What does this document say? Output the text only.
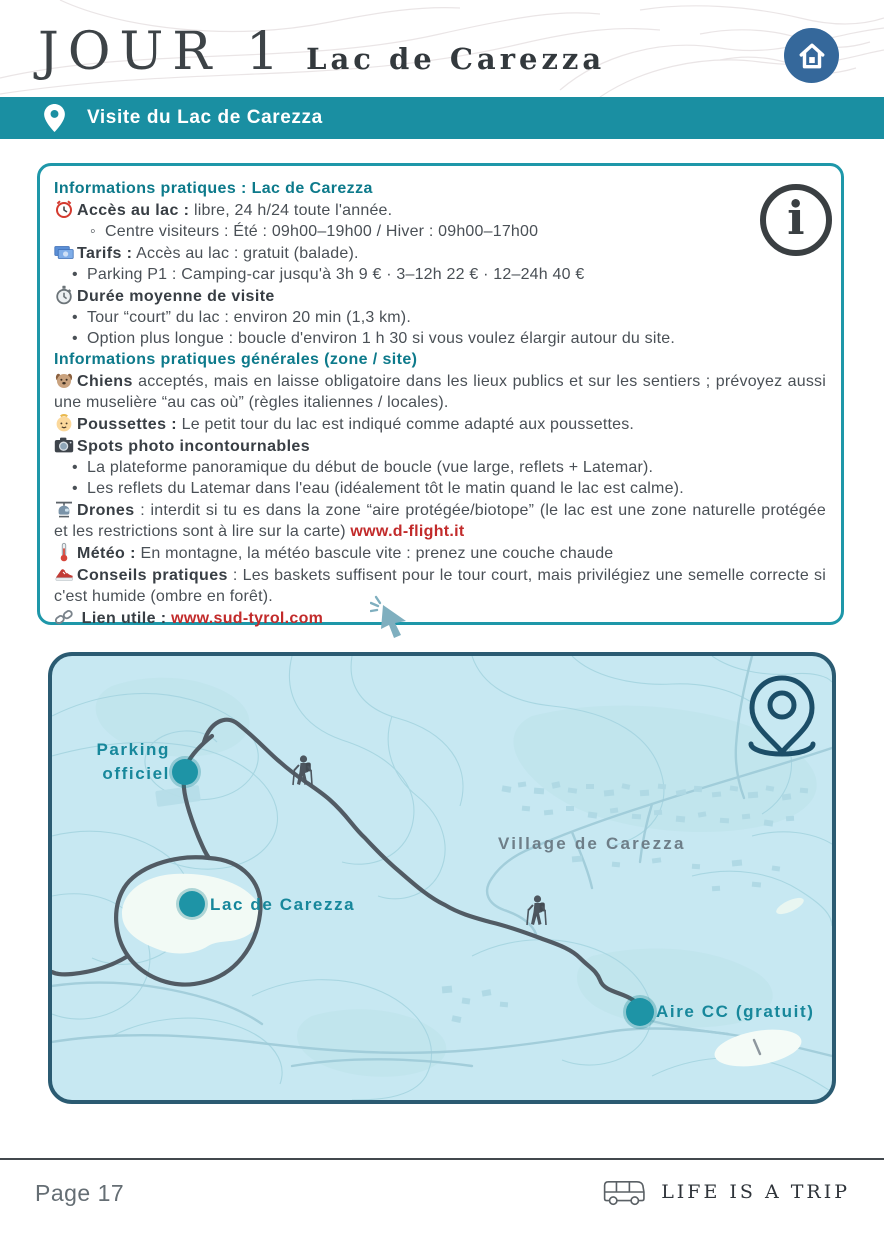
JOUR 1 Lac de Carezza
Visite du Lac de Carezza

Informations pratiques : Lac de Carezza

Accès au lac : libre, 24 h/24 toute l'année.

◦ Centre visiteurs : Été : 09h00–19h00 / Hiver : 09h00–17h00

Tarifs : Accès au lac : gratuit (balade).

• Parking P1 : Camping-car jusqu'à 3h 9 € · 3–12h 22 € · 12–24h 40 €

Durée moyenne de visite

• Tour “court” du lac : environ 20 min (1,3 km).

• Option plus longue : boucle d'environ 1 h 30 si vous voulez élargir autour du site.

Informations pratiques générales (zone / site)

Chiens acceptés, mais en laisse obligatoire dans les lieux publics et sur les sentiers ; prévoyez aussi une muselière “au cas où” (règles italiennes / locales).

Poussettes : Le petit tour du lac est indiqué comme adapté aux poussettes.

Spots photo incontournables

• La plateforme panoramique du début de boucle (vue large, reflets + Latemar).

• Les reflets du Latemar dans l'eau (idéalement tôt le matin quand le lac est calme).

Drones : interdit si tu es dans la zone “aire protégée/biotope” (le lac est une zone naturelle protégée et les restrictions sont à lire sur la carte) www.d-flight.it

Météo : En montagne, la météo bascule vite : prenez une couche chaude

Conseils pratiques : Les baskets suffisent pour le tour court, mais privilégiez une semelle correcte si c'est humide (ombre en forêt).

Lien utile : www.sud-tyrol.com

i
Parking
officiel
Lac de Carezza
Village de Carezza
Aire CC (gratuit)
Page 17	LIFE IS A TRIP
